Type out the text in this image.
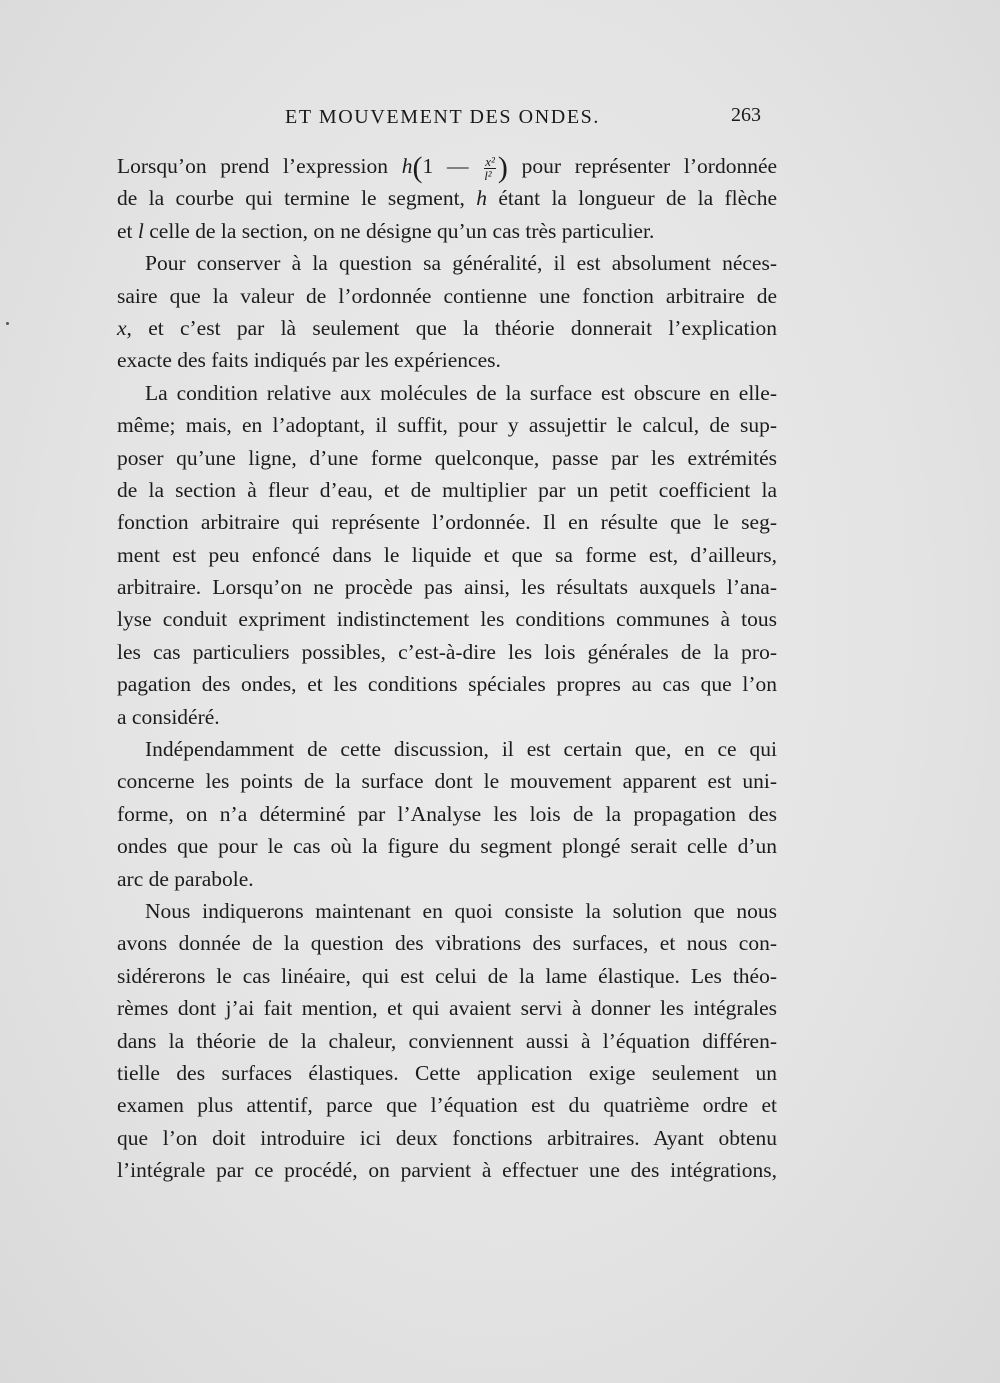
ET MOUVEMENT DES ONDES.	263
Lorsqu’on prend l’expression h(1 — $\frac{\text{x²}}{\text{l²}}$ ) pour représenter l’ordonnée
de la courbe qui termine le segment, h étant la longueur de la flèche
et l celle de la section, on ne désigne qu’un cas très particulier.
Pour conserver à la question sa généralité, il est absolument néces-
saire que la valeur de l’ordonnée contienne une fonction arbitraire de
x, et c’est par là seulement que la théorie donnerait l’explication
exacte des faits indiqués par les expériences.
La condition relative aux molécules de la surface est obscure en elle-
même; mais, en l’adoptant, il suffit, pour y assujettir le calcul, de sup-
poser qu’une ligne, d’une forme quelconque, passe par les extrémités
de la section à fleur d’eau, et de multiplier par un petit coefficient la
fonction arbitraire qui représente l’ordonnée. Il en résulte que le seg-
ment est peu enfoncé dans le liquide et que sa forme est, d’ailleurs,
arbitraire. Lorsqu’on ne procède pas ainsi, les résultats auxquels l’ana-
lyse conduit expriment indistinctement les conditions communes à tous
les cas particuliers possibles, c’est-à-dire les lois générales de la pro-
pagation des ondes, et les conditions spéciales propres au cas que l’on
a considéré.
Indépendamment de cette discussion, il est certain que, en ce qui
concerne les points de la surface dont le mouvement apparent est uni-
forme, on n’a déterminé par l’Analyse les lois de la propagation des
ondes que pour le cas où la figure du segment plongé serait celle d’un
arc de parabole.
Nous indiquerons maintenant en quoi consiste la solution que nous
avons donnée de la question des vibrations des surfaces, et nous con-
sidérerons le cas linéaire, qui est celui de la lame élastique. Les théo-
rèmes dont j’ai fait mention, et qui avaient servi à donner les intégrales
dans la théorie de la chaleur, conviennent aussi à l’équation différen-
tielle des surfaces élastiques. Cette application exige seulement un
examen plus attentif, parce que l’équation est du quatrième ordre et
que l’on doit introduire ici deux fonctions arbitraires. Ayant obtenu
l’intégrale par ce procédé, on parvient à effectuer une des intégrations,
